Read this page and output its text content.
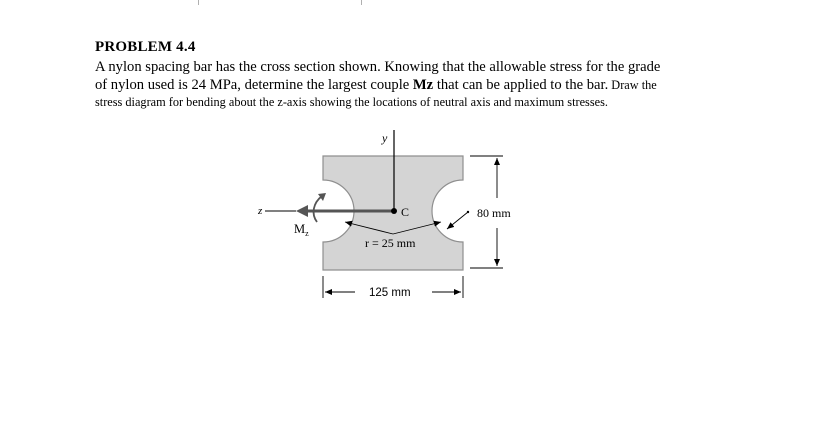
PROBLEM 4.4
A nylon spacing bar has the cross section shown. Knowing that the allowable stress for the grade
of nylon used is 24 MPa, determine the largest couple Mz that can be applied to the bar. Draw the
stress diagram for bending about the z-axis showing the locations of neutral axis and maximum stresses.
y
z
$M_z$
C
r = 25 mm
80 mm
125 mm
